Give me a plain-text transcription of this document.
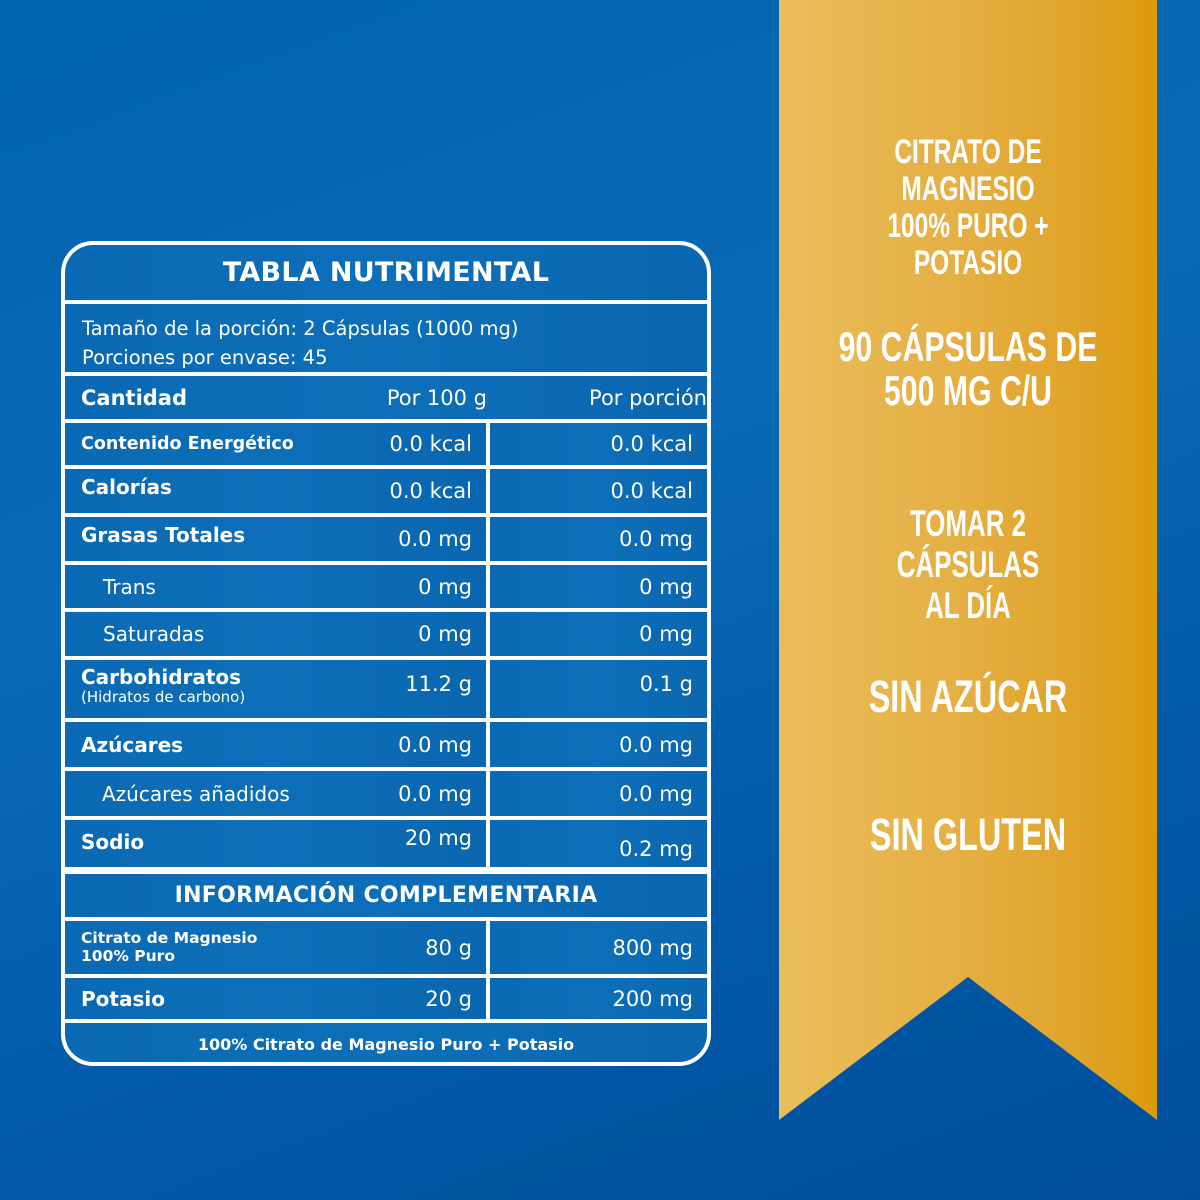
TABLA NUTRIMENTAL
Tamaño de la porción: 2 Cápsulas (1000 mg)
Porciones por envase: 45
Cantidad	Por 100 g	Por porción
Contenido Energético	0.0 kcal	0.0 kcal
Calorías	0.0 kcal	0.0 kcal
Grasas Totales	0.0 mg	0.0 mg
Trans	0 mg	0 mg
Saturadas	0 mg	0 mg
Carbohidratos
(Hidratos de carbono)
11.2 g	0.1 g
Azúcares	0.0 mg	0.0 mg
Azúcares añadidos	0.0 mg	0.0 mg
Sodio	20 mg	0.2 mg
INFORMACIÓN COMPLEMENTARIA
Citrato de Magnesio
100% Puro	80 g	800 mg
Potasio	20 g	200 mg
100% Citrato de Magnesio Puro + Potasio
CITRATO DE MAGNESIO
100% PURO + POTASIO
90 CÁPSULAS DE
500 MG C/U
TOMAR 2 CÁPSULAS
AL DÍA
SIN AZÚCAR
SIN GLUTEN
